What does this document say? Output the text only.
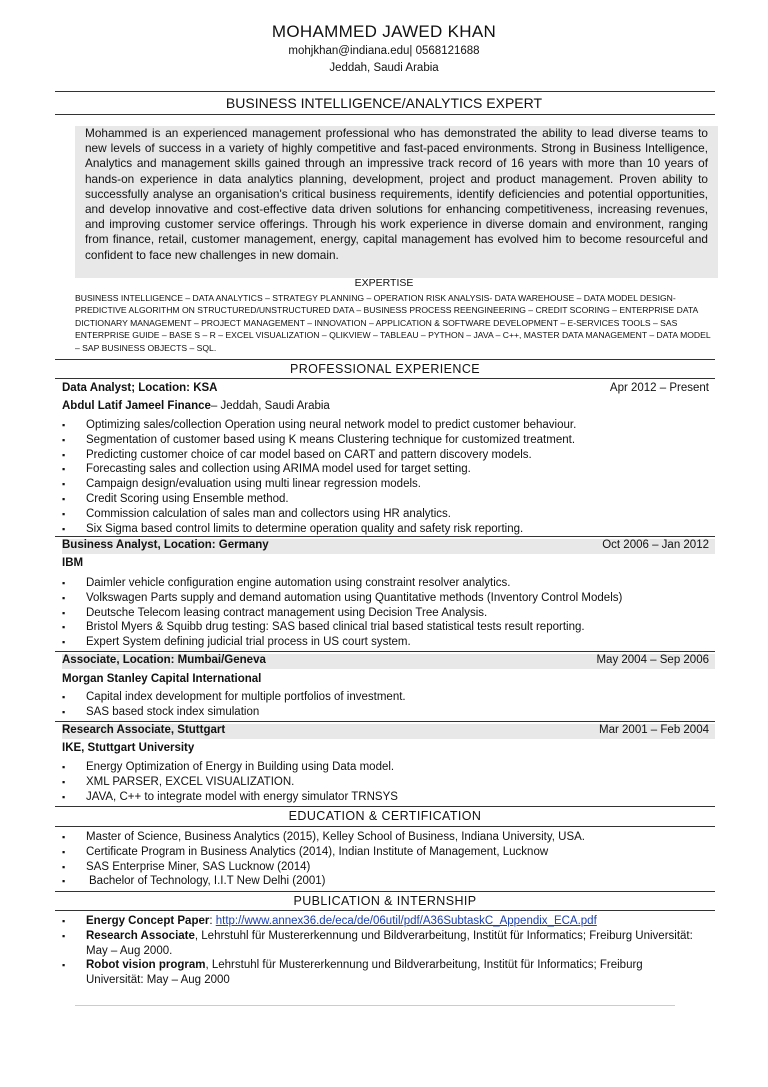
MOHAMMED JAWED KHAN
mohjkhan@indiana.edu| 0568121688
Jeddah, Saudi Arabia
BUSINESS INTELLIGENCE/ANALYTICS EXPERT
Mohammed is an experienced management professional who has demonstrated the ability to lead diverse teams to new levels of success in a variety of highly competitive and fast-paced environments. Strong in Business Intelligence, Analytics and management skills gained through an impressive track record of 16 years with more than 10 years of hands-on experience in data analytics planning, development, project and product management. Proven ability to successfully analyse an organisation's critical business requirements, identify deficiencies and potential opportunities, and develop innovative and cost-effective data driven solutions for enhancing competitiveness, increasing revenues, and improving customer service offerings. Through his work experience in diverse domain and environment, ranging from finance, retail, customer management, energy, capital management has evolved him to become resourceful and confident to face new challenges in new domain.
EXPERTISE
BUSINESS INTELLIGENCE – DATA ANALYTICS – STRATEGY PLANNING – OPERATION RISK ANALYSIS- DATA WAREHOUSE – DATA MODEL DESIGN-PREDICTIVE ALGORITHM ON STRUCTURED/UNSTRUCTURED DATA – BUSINESS PROCESS REENGINEERING – CREDIT SCORING – ENTERPRISE DATA DICTIONARY MANAGEMENT – PROJECT MANAGEMENT – INNOVATION – APPLICATION & SOFTWARE DEVELOPMENT – E-SERVICES TOOLS – SAS ENTERPRISE GUIDE – BASE S – R – EXCEL VISUALIZATION – QLIKVIEW – TABLEAU – PYTHON – JAVA – C++, MASTER DATA MANAGEMENT – DATA MODEL – SAP BUSINESS OBJECTS – SQL.
PROFESSIONAL EXPERIENCE
Data Analyst; Location: KSA	Apr 2012 – Present
Abdul Latif Jameel Finance– Jeddah, Saudi Arabia
▪ Optimizing sales/collection Operation using neural network model to predict customer behaviour.
▪ Segmentation of customer based using K means Clustering technique for customized treatment.
▪ Predicting customer choice of car model based on CART and pattern discovery models.
▪ Forecasting sales and collection using ARIMA model used for target setting.
▪ Campaign design/evaluation using multi linear regression models.
▪ Credit Scoring using Ensemble method.
▪ Commission calculation of sales man and collectors using HR analytics.
▪ Six Sigma based control limits to determine operation quality and safety risk reporting.
Business Analyst, Location: Germany	Oct 2006 – Jan 2012
IBM
▪ Daimler vehicle configuration engine automation using constraint resolver analytics.
▪ Volkswagen Parts supply and demand automation using Quantitative methods (Inventory Control Models)
▪ Deutsche Telecom leasing contract management using Decision Tree Analysis.
▪ Bristol Myers & Squibb drug testing: SAS based clinical trial based statistical tests result reporting.
▪ Expert System defining judicial trial process in US court system.
Associate, Location: Mumbai/Geneva	May 2004 – Sep 2006
Morgan Stanley Capital International
▪ Capital index development for multiple portfolios of investment.
▪ SAS based stock index simulation
Research Associate, Stuttgart	Mar 2001 – Feb 2004
IKE, Stuttgart University
▪ Energy Optimization of Energy in Building using Data model.
▪ XML PARSER, EXCEL VISUALIZATION.
▪ JAVA, C++ to integrate model with energy simulator TRNSYS
EDUCATION & CERTIFICATION
▪ Master of Science, Business Analytics (2015), Kelley School of Business, Indiana University, USA.
▪ Certificate Program in Business Analytics (2014), Indian Institute of Management, Lucknow
▪ SAS Enterprise Miner, SAS Lucknow (2014)
▪ Bachelor of Technology, I.I.T New Delhi (2001)
PUBLICATION & INTERNSHIP
▪ Energy Concept Paper: http://www.annex36.de/eca/de/06util/pdf/A36SubtaskC_Appendix_ECA.pdf
▪ Research Associate, Lehrstuhl für Mustererkennung und Bildverarbeitung, Institüt für Informatics; Freiburg Universität: May – Aug 2000.
▪ Robot vision program, Lehrstuhl für Mustererkennung und Bildverarbeitung, Institüt für Informatics; Freiburg Universität: May – Aug 2000
